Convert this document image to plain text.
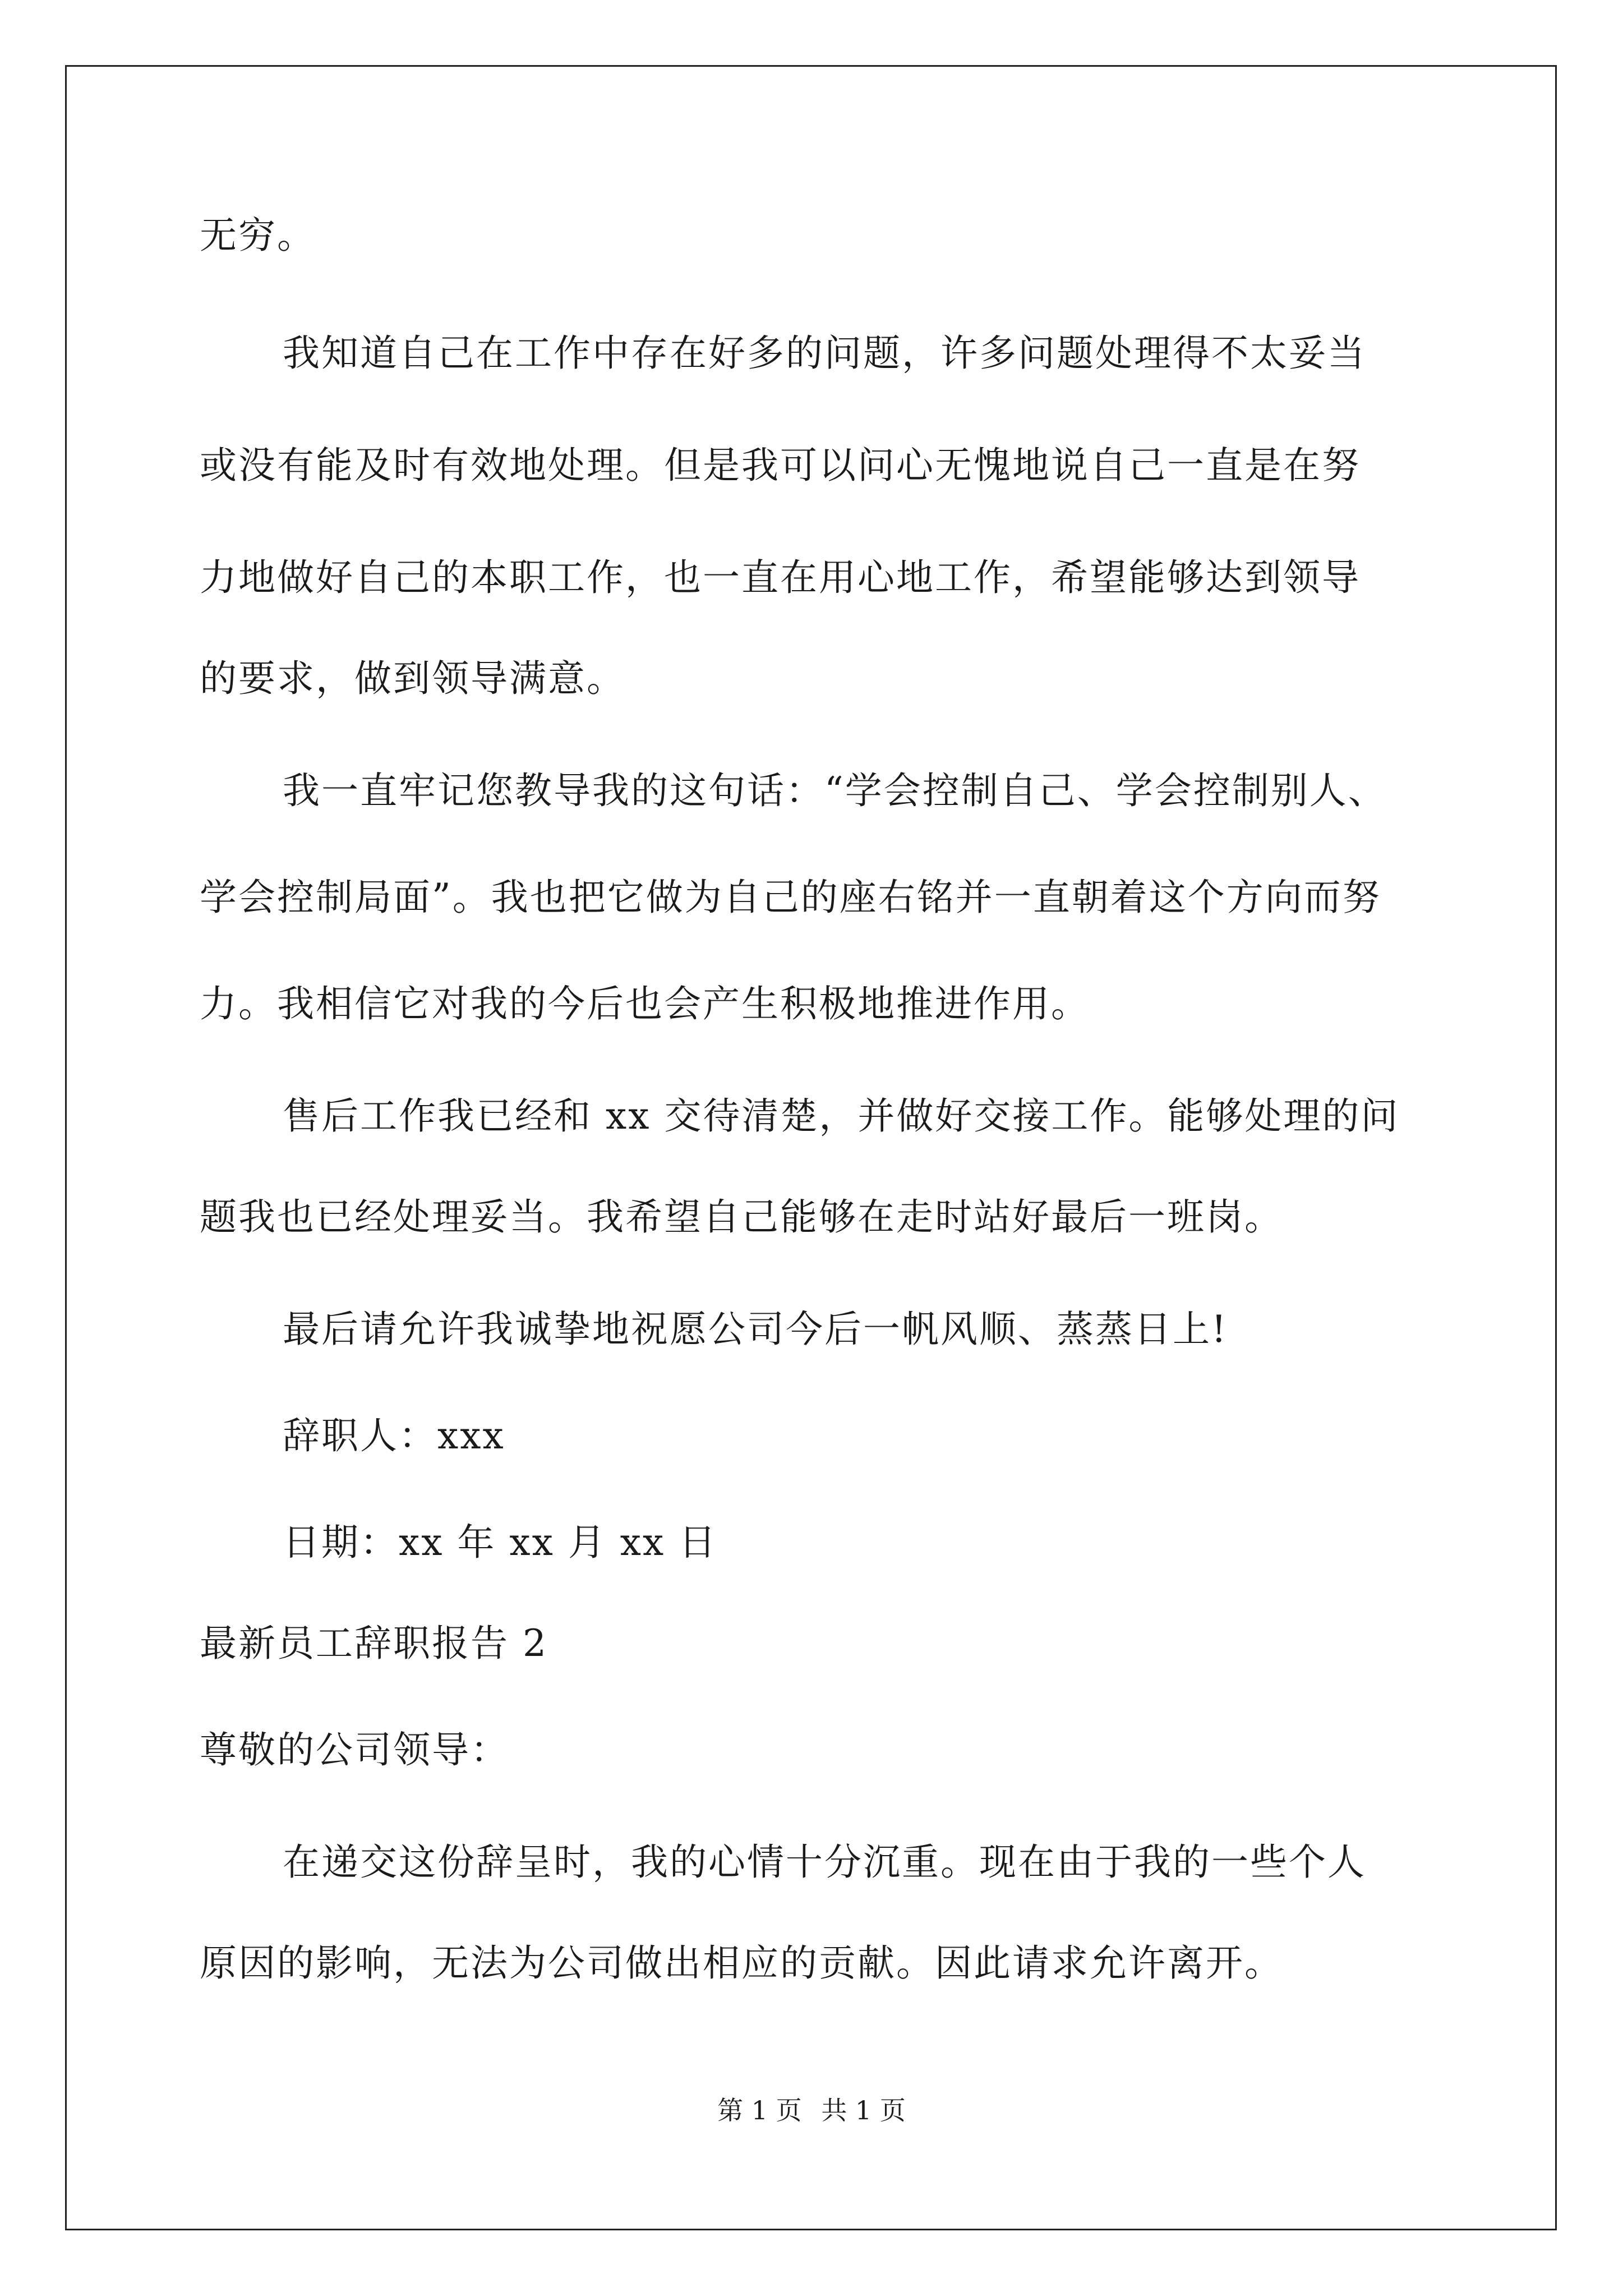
无穷。
我知道自己在工作中存在好多的问题，许多问题处理得不太妥当
或没有能及时有效地处理。但是我可以问心无愧地说自己一直是在努
力地做好自己的本职工作，也一直在用心地工作，希望能够达到领导
的要求，做到领导满意。
我一直牢记您教导我的这句话：“学会控制自己、学会控制别人、
学会控制局面”。我也把它做为自己的座右铭并一直朝着这个方向而努
力。我相信它对我的今后也会产生积极地推进作用。
售后工作我已经和 xx 交待清楚，并做好交接工作。能够处理的问
题我也已经处理妥当。我希望自己能够在走时站好最后一班岗。
最后请允许我诚挚地祝愿公司今后一帆风顺、蒸蒸日上!
辞职人：xxx
日期：xx 年 xx 月 xx 日
最新员工辞职报告 2
尊敬的公司领导：
在递交这份辞呈时，我的心情十分沉重。现在由于我的一些个人
原因的影响，无法为公司做出相应的贡献。因此请求允许离开。
第 1 页 共 1 页
